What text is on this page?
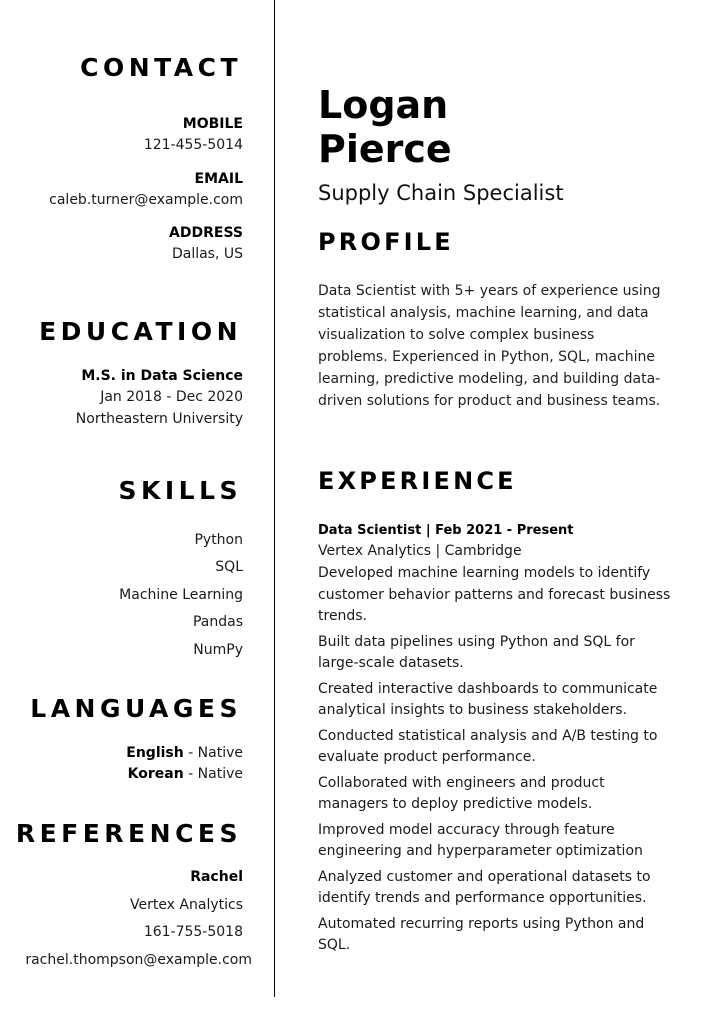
CONTACT
MOBILE
121-455-5014
EMAIL
caleb.turner@example.com
ADDRESS
Dallas, US
EDUCATION
M.S. in Data Science
Jan 2018 - Dec 2020
Northeastern University
SKILLS
Python
SQL
Machine Learning
Pandas
NumPy
LANGUAGES
English - Native
Korean - Native
REFERENCES
Rachel
Vertex Analytics
161-755-5018
rachel.thompson@example.com
Logan
Pierce
Supply Chain Specialist
PROFILE

Data Scientist with 5+ years of experience using statistical analysis, machine learning, and data visualization to solve complex business problems. Experienced in Python, SQL, machine learning, predictive modeling, and building data-driven solutions for product and business teams.

EXPERIENCE
Data Scientist | Feb 2021 - Present
Vertex Analytics | Cambridge
Developed machine learning models to identify customer behavior patterns and forecast business trends.
Built data pipelines using Python and SQL for large-scale datasets.
Created interactive dashboards to communicate analytical insights to business stakeholders.
Conducted statistical analysis and A/B testing to evaluate product performance.
Collaborated with engineers and product managers to deploy predictive models.
Improved model accuracy through feature engineering and hyperparameter optimization
Analyzed customer and operational datasets to identify trends and performance opportunities.
Automated recurring reports using Python and SQL.
